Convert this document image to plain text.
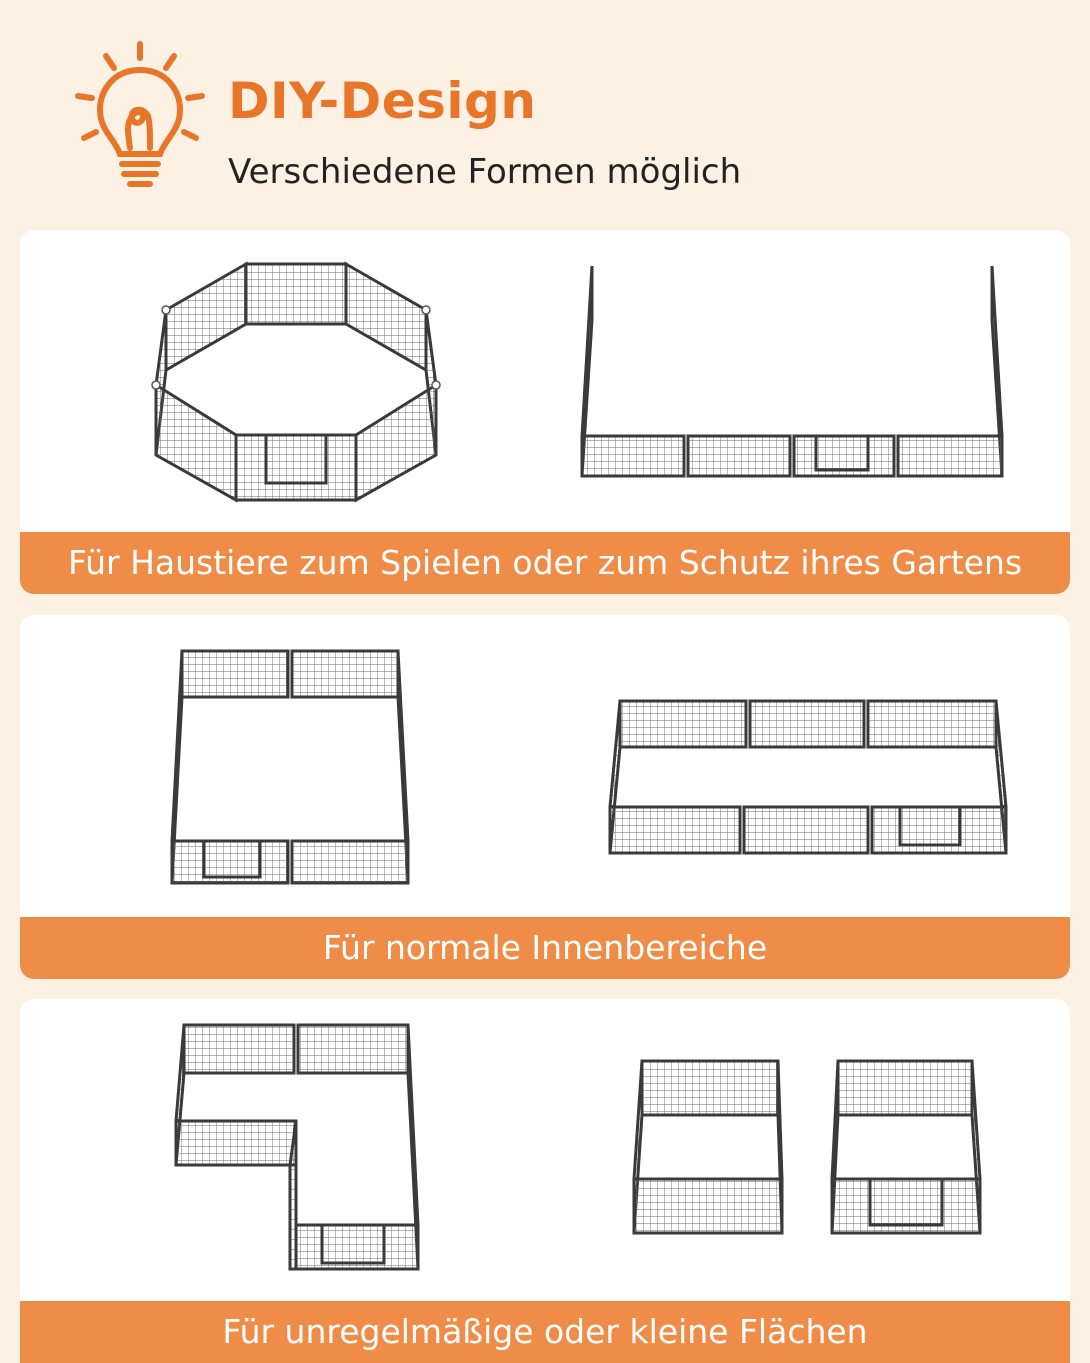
DIY-Design
Verschiedene Formen möglich
Für Haustiere zum Spielen oder zum Schutz ihres Gartens
Für normale Innenbereiche
Für unregelmäßige oder kleine Flächen
